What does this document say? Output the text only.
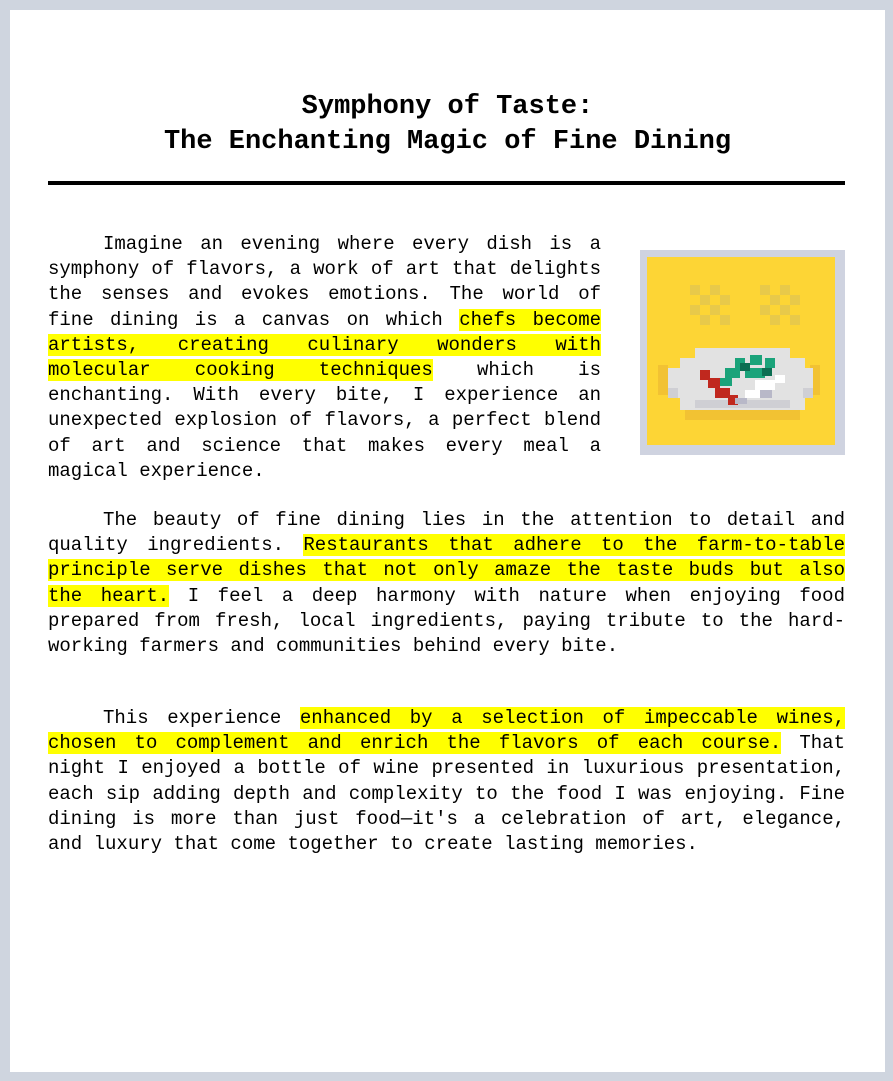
Symphony of Taste:
The Enchanting Magic of Fine Dining

Imagine an evening where every dish is a symphony of flavors, a work of art that delights the senses and evokes emotions. The world of fine dining is a canvas on which chefs become artists, creating culinary wonders with molecular cooking techniques which is enchanting. With every bite, I experience an unexpected explosion of flavors, a perfect blend of art and science that makes every meal a magical experience.

The beauty of fine dining lies in the attention to detail and quality ingredients. Restaurants that adhere to the farm-to-table principle serve dishes that not only amaze the taste buds but also the heart. I feel a deep harmony with nature when enjoying food prepared from fresh, local ingredients, paying tribute to the hard-working farmers and communities behind every bite.

This experience enhanced by a selection of impeccable wines, chosen to complement and enrich the flavors of each course. That night I enjoyed a bottle of wine presented in luxurious presentation, each sip adding depth and complexity to the food I was enjoying. Fine dining is more than just food—it's a celebration of art, elegance, and luxury that come together to create lasting memories.
